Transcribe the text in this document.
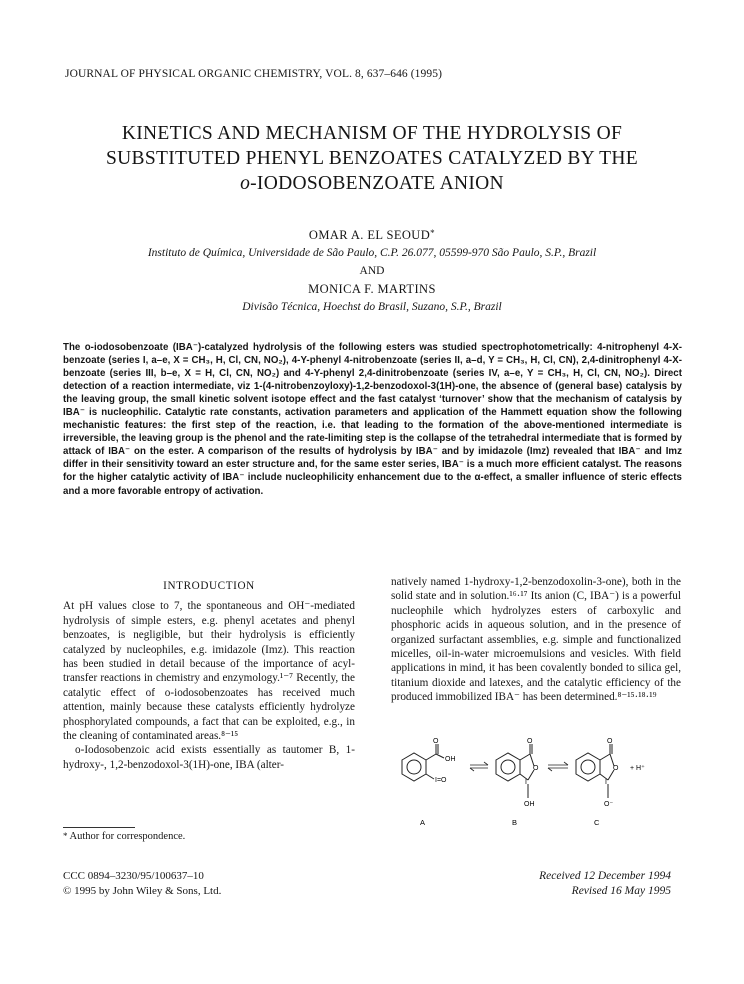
JOURNAL OF PHYSICAL ORGANIC CHEMISTRY, VOL. 8, 637–646 (1995)
KINETICS AND MECHANISM OF THE HYDROLYSIS OF
SUBSTITUTED PHENYL BENZOATES CATALYZED BY THE
o-IODOSOBENZOATE ANION
OMAR A. EL SEOUD*
Instituto de Química, Universidade de São Paulo, C.P. 26.077, 05599-970 São Paulo, S.P., Brazil
AND
MONICA F. MARTINS
Divisão Técnica, Hoechst do Brasil, Suzano, S.P., Brazil
The o-iodosobenzoate (IBA⁻)-catalyzed hydrolysis of the following esters was studied spectrophotometrically: 4-nitrophenyl 4-X-benzoate (series I, a–e, X = CH₃, H, Cl, CN, NO₂), 4-Y-phenyl 4-nitrobenzoate (series II, a–d, Y = CH₃, H, Cl, CN), 2,4-dinitrophenyl 4-X-benzoate (series III, b–e, X = H, Cl, CN, NO₂) and 4-Y-phenyl 2,4-dinitrobenzoate (series IV, a–e, Y = CH₃, H, Cl, CN, NO₂). Direct detection of a reaction intermediate, viz 1-(4-nitrobenzoyloxy)-1,2-benzodoxol-3(1H)-one, the absence of (general base) catalysis by the leaving group, the small kinetic solvent isotope effect and the fast catalyst ‘turnover’ show that the mechanism of catalysis by IBA⁻ is nucleophilic. Catalytic rate constants, activation parameters and application of the Hammett equation show the following mechanistic features: the first step of the reaction, i.e. that leading to the formation of the above-mentioned intermediate is irreversible, the leaving group is the phenol and the rate-limiting step is the collapse of the tetrahedral intermediate that is formed by attack of IBA⁻ on the ester. A comparison of the results of hydrolysis by IBA⁻ and by imidazole (Imz) revealed that IBA⁻ and Imz differ in their sensitivity toward an ester structure and, for the same ester series, IBA⁻ is a much more efficient catalyst. The reasons for the higher catalytic activity of IBA⁻ include nucleophilicity enhancement due to the α-effect, a smaller influence of steric effects and a more favorable entropy of activation.
INTRODUCTION

At pH values close to 7, the spontaneous and OH⁻-mediated hydrolysis of simple esters, e.g. phenyl acetates and phenyl benzoates, is negligible, but their hydrolysis is efficiently catalyzed by nucleophiles, e.g. imidazole (Imz). This reaction has been studied in detail because of the importance of acyl-transfer reactions in chemistry and enzymology.¹⁻⁷ Recently, the catalytic effect of o-iodosobenzoates has received much attention, mainly because these catalysts efficiently hydrolyze phosphorylated compounds, a fact that can be exploited, e.g., in the cleaning of contaminated areas.⁸⁻¹⁵

o-Iodosobenzoic acid exists essentially as tautomer B, 1-hydroxy-, 1,2-benzodoxol-3(1H)-one, IBA (alter-

natively named 1-hydroxy-1,2-benzodoxolin-3-one), both in the solid state and in solution.¹⁶·¹⁷ Its anion (C, IBA⁻) is a powerful nucleophile which hydrolyzes esters of carboxylic and phosphoric acids in aqueous solution, and in the presence of organized surfactant assemblies, e.g. simple and functionalized micelles, oil-in-water microemulsions and vesicles. With field applications in mind, it has been covalently bonded to silica gel, titanium dioxide and latexes, and the catalytic efficiency of the produced immobilized IBA⁻ has been determined.⁸⁻¹⁵·¹⁸·¹⁹

O
OH
I=O
O
O
I
OH
O
O
I
O⁻
+ H⁺
A	B	C
* Author for correspondence.
CCC 0894–3230/95/100637–10
© 1995 by John Wiley & Sons, Ltd.
Received 12 December 1994
Revised 16 May 1995
